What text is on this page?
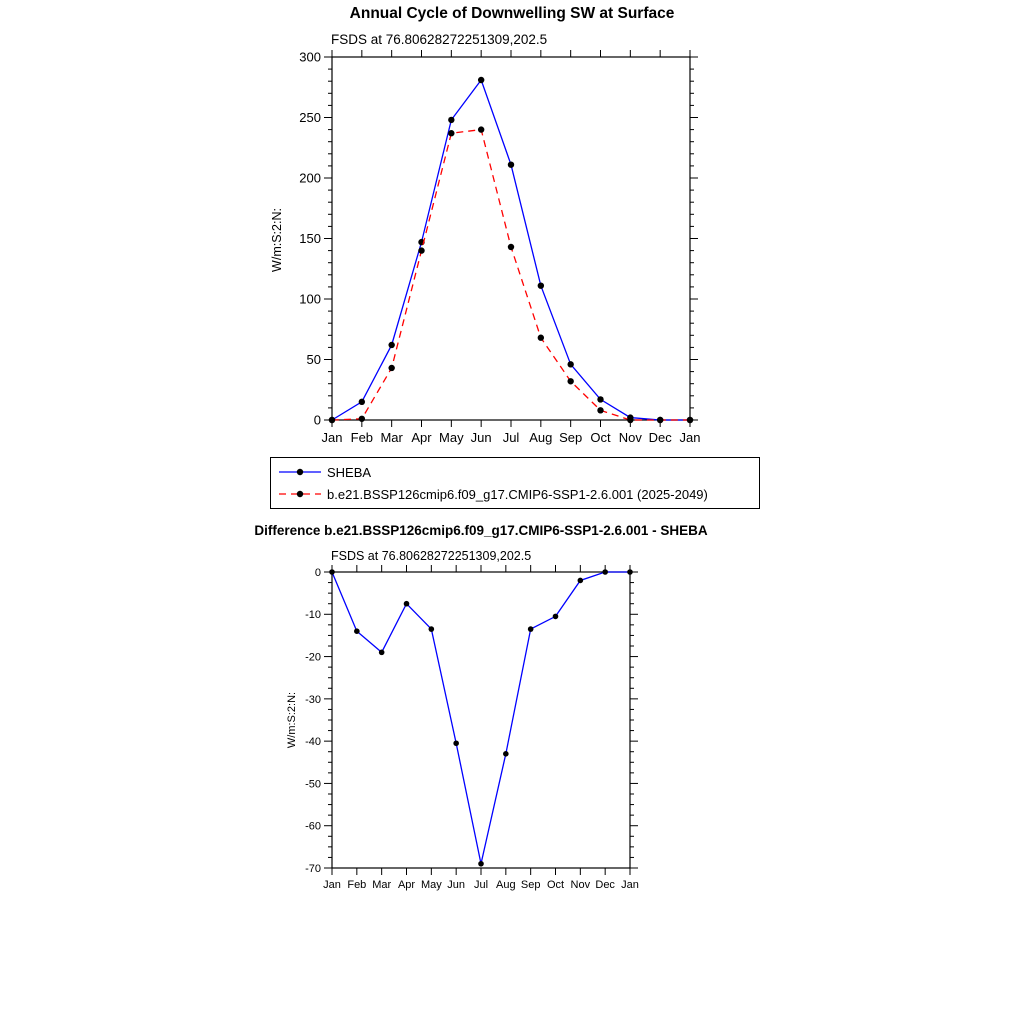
Jan Feb Mar Apr May Jun Jul Aug Sep Oct Nov Dec Jan
0
50
100
150
200
250
300
Jan Feb Mar Apr May Jun Jul Aug Sep Oct Nov Dec Jan
-70
-60
-50
-40
-30
-20
-10
0
Annual Cycle of Downwelling SW at Surface
FSDS at 76.80628272251309,202.5
W/m:S:2:N:
SHEBA
b.e21.BSSP126cmip6.f09_g17.CMIP6-SSP1-2.6.001 (2025-2049)
Difference b.e21.BSSP126cmip6.f09_g17.CMIP6-SSP1-2.6.001 - SHEBA
FSDS at 76.80628272251309,202.5
W/m:S:2:N:
